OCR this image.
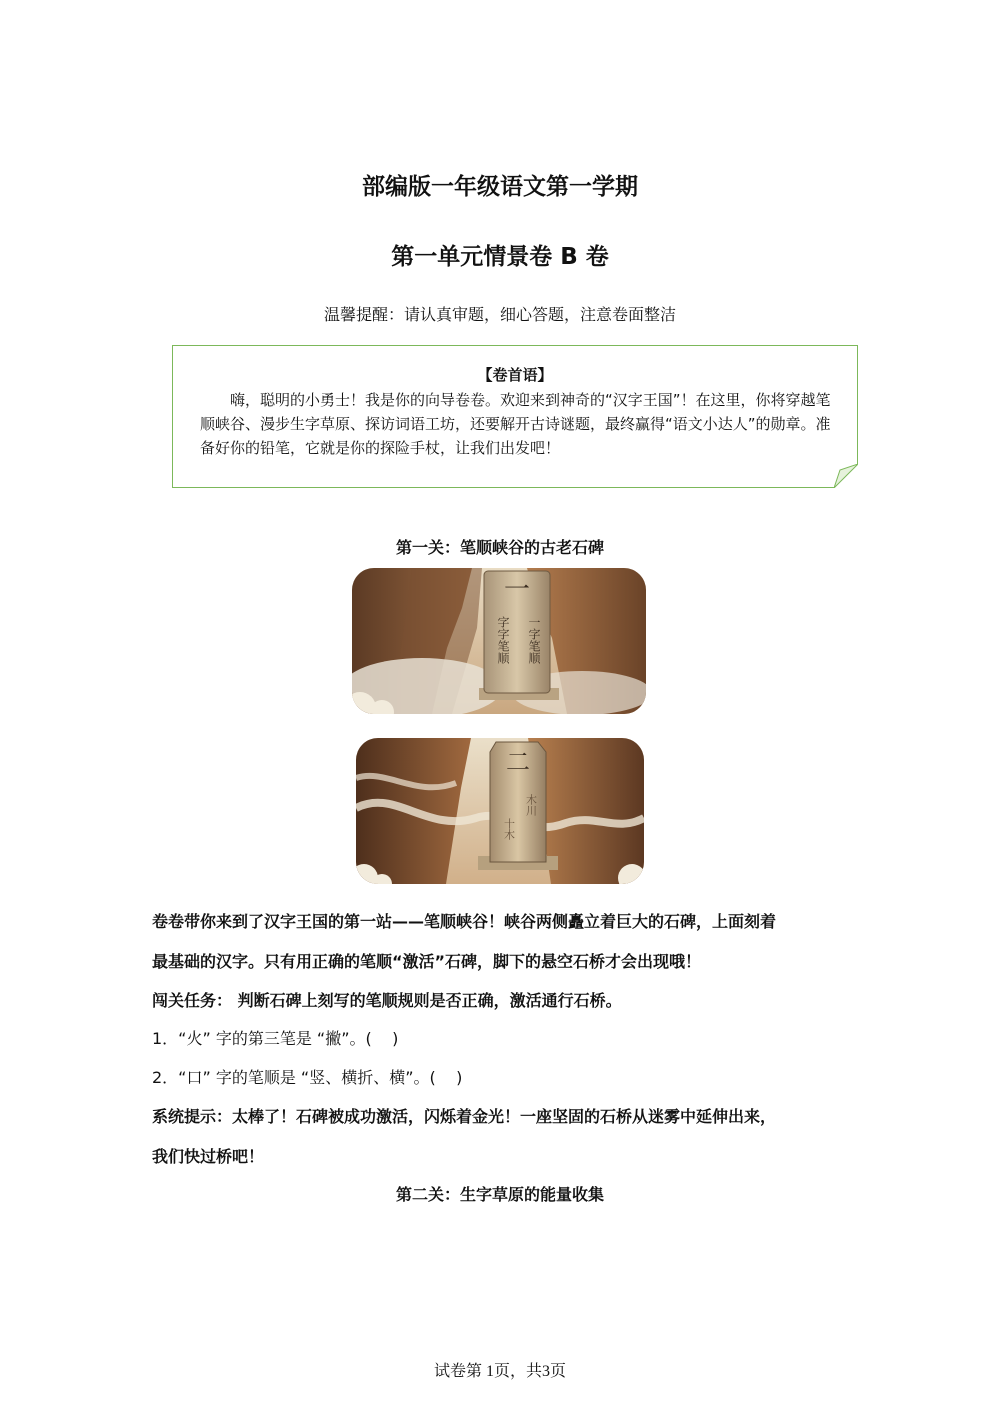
部编版一年级语文第一学期
第一单元情景卷 B 卷
温馨提醒：请认真审题，细心答题，注意卷面整洁
【卷首语】
嗨，聪明的小勇士！我是你的向导卷卷。欢迎来到神奇的“汉字王国”！在这里，你将穿越笔顺峡谷、漫步生字草原、探访词语工坊，还要解开古诗谜题，最终赢得“语文小达人”的勋章。准备好你的铅笔，它就是你的探险手杖，让我们出发吧！
第一关：笔顺峡谷的古老石碑
一
一字笔顺
字字笔顺
二
木川
十木
卷卷带你来到了汉字王国的第一站——笔顺峡谷！峡谷两侧矗立着巨大的石碑，上面刻着
最基础的汉字。只有用正确的笔顺“激活”石碑，脚下的悬空石桥才会出现哦！
闯关任务： 判断石碑上刻写的笔顺规则是否正确，激活通行石桥。
1．“火” 字的第三笔是 “撇”。(    )
2．“口” 字的笔顺是 “竖、横折、横”。(    )
系统提示：太棒了！石碑被成功激活，闪烁着金光！一座坚固的石桥从迷雾中延伸出来，
我们快过桥吧！
第二关：生字草原的能量收集
试卷第 1页，共3页
